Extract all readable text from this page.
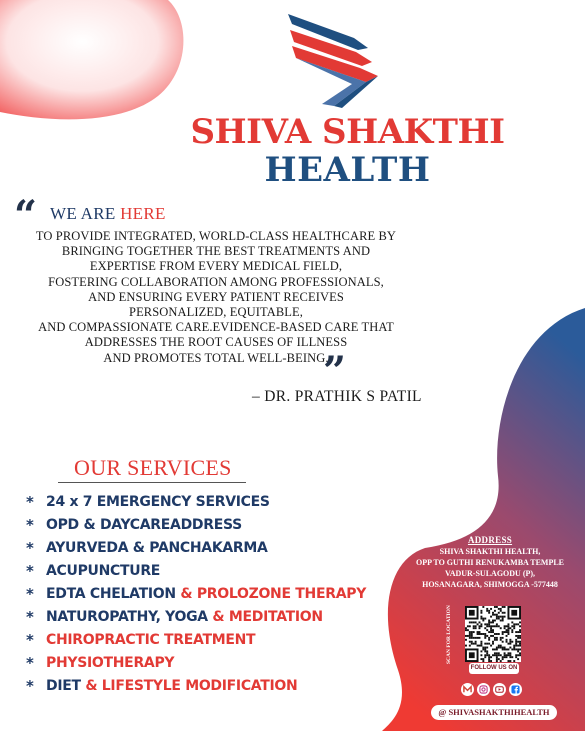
SHIVA SHAKTHI
HEALTH
“ WE ARE HERE
TO PROVIDE INTEGRATED, WORLD-CLASS HEALTHCARE BY
BRINGING TOGETHER THE BEST TREATMENTS AND
EXPERTISE FROM EVERY MEDICAL FIELD,
FOSTERING COLLABORATION AMONG PROFESSIONALS,
AND ENSURING EVERY PATIENT RECEIVES
PERSONALIZED, EQUITABLE,
AND COMPASSIONATE CARE.EVIDENCE-BASED CARE THAT
ADDRESSES THE ROOT CAUSES OF ILLNESS
AND PROMOTES TOTAL WELL-BEING.
”
– DR. PRATHIK S PATIL
OUR SERVICES
* 24 x 7 EMERGENCY SERVICES
* OPD & DAYCAREADDRESS
* AYURVEDA & PANCHAKARMA
* ACUPUNCTURE
* EDTA CHELATION & PROLOZONE THERAPY
* NATUROPATHY, YOGA & MEDITATION
* CHIROPRACTIC TREATMENT
* PHYSIOTHERAPY
* DIET & LIFESTYLE MODIFICATION
ADDRESS
SHIVA SHAKTHI HEALTH,
OPP TO GUTHI RENUKAMBA TEMPLE
VADUR-SULAGODU (P),
HOSANAGARA, SHIMOGGA -577448
SCAN FOR LOCATION
FOLLOW US ON
@ SHIVASHAKTHIHEALTH
